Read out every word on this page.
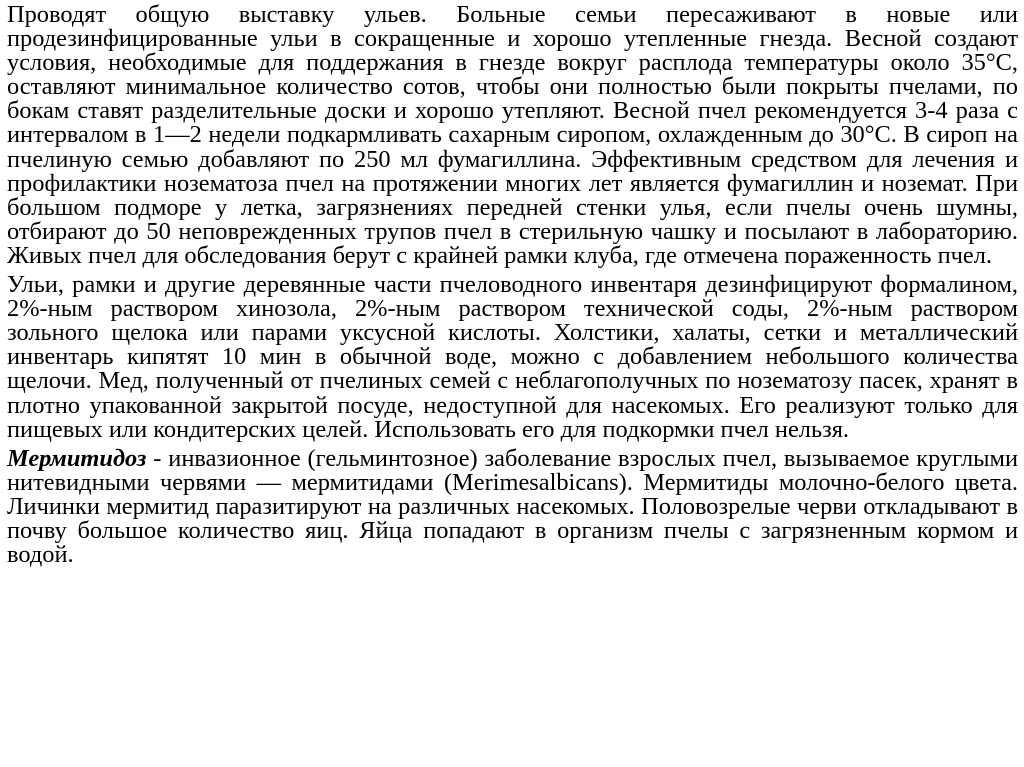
Проводят общую выставку ульев. Больные семьи пересаживают в новые или продезинфицированные ульи в сокращенные и хорошо утепленные гнезда. Весной создают условия, необходимые для поддержания в гнезде вокруг расплода температуры около 35°С, оставляют минимальное количество сотов, чтобы они полностью были покрыты пчелами, по бокам ставят разделительные доски и хорошо утепляют. Весной пчел рекомендуется 3-4 раза с интервалом в 1—2 недели подкармливать сахарным сиропом, охлажденным до 30°С. В сироп на пчелиную семью добавляют по 250 мл фумагиллина. Эффективным средством для лечения и профилактики нозематоза пчел на протяжении многих лет является фумагиллин и ноземат. При большом подморе у летка, загрязнениях передней стенки улья, если пчелы очень шумны, отбирают до 50 неповрежденных трупов пчел в стерильную чашку и посылают в лабораторию. Живых пчел для обследования берут с крайней рамки клуба, где отмечена пораженность пчел.

Ульи, рамки и другие деревянные части пчеловодного инвентаря дезинфицируют формалином, 2%-ным раствором хинозола, 2%-ным раствором технической соды, 2%-ным раствором зольного щелока или парами уксусной кислоты. Холстики, халаты, сетки и металлический инвентарь кипятят 10 мин в обычной воде, можно с добавлением небольшого количества щелочи. Мед, полученный от пчелиных семей с неблагополучных по нозематозу пасек, хранят в плотно упакованной закрытой посуде, недоступной для насекомых. Его реализуют только для пищевых или кондитерских целей. Использовать его для подкормки пчел нельзя.

Мермитидоз - инвазионное (гельминтозное) заболевание взрослых пчел, вызываемое круглыми нитевидными червями — мермитидами (Merimesalbicans). Мермитиды молочно-белого цвета. Личинки мермитид паразитируют на различных насекомых. Половозрелые черви откладывают в почву большое количество яиц. Яйца попадают в организм пчелы с загрязненным кормом и водой.
